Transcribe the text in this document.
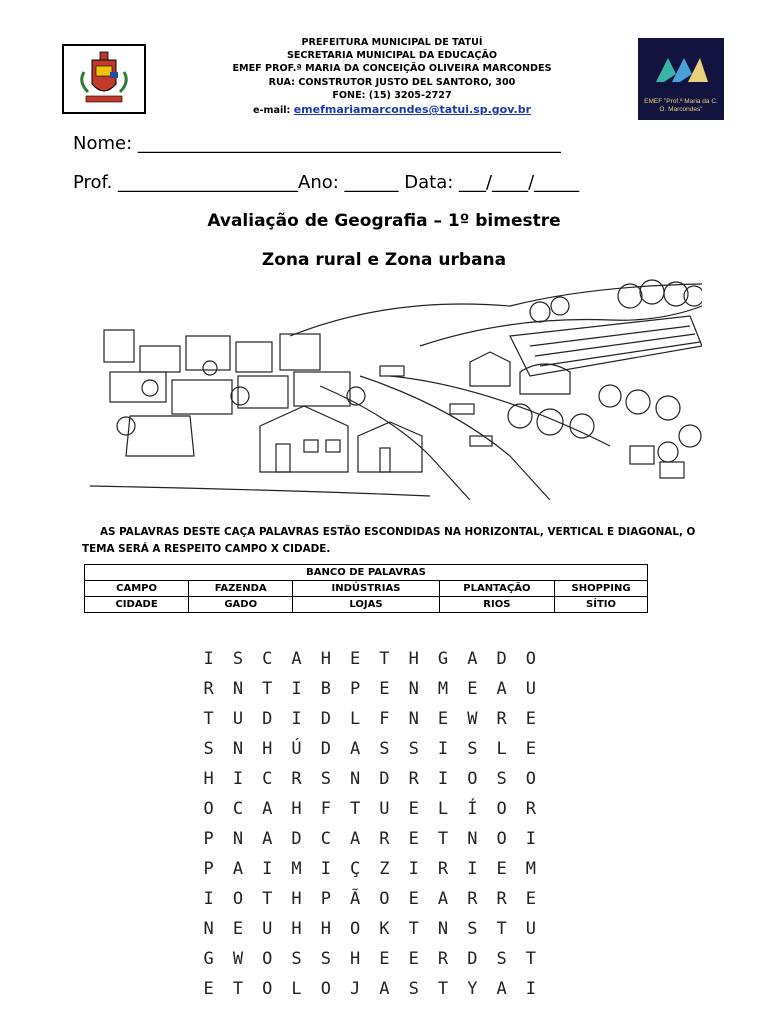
PREFEITURA MUNICIPAL DE TATUÍ
SECRETARIA MUNICIPAL DA EDUCAÇÃO
EMEF PROF.ª MARIA DA CONCEIÇÃO OLIVEIRA MARCONDES
RUA: CONSTRUTOR JUSTO DEL SANTORO, 300
FONE: (15) 3205-2727
e-mail: emefmariamarcondes@tatui.sp.gov.br
EMEF "Prof.ª Maria da C. O. Marcondes"
Nome: _______________________________________________
Prof. ____________________Ano: ______ Data: ___/____/_____
Avaliação de Geografia – 1º bimestre
Zona rural e Zona urbana
AS PALAVRAS DESTE CAÇA PALAVRAS ESTÃO ESCONDIDAS NA HORIZONTAL, VERTICAL E DIAGONAL, O TEMA SERÁ A RESPEITO CAMPO X CIDADE.
BANCO DE PALAVRAS				
CAMPO	FAZENDA	INDÚSTRIAS	PLANTAÇÃO	SHOPPING
CIDADE	GADO	LOJAS	RIOS	SÍTIO
I	S	C	A	H	E	T	H	G	A	D	O
R	N	T	I	B	P	E	N	M	E	A	U
T	U	D	I	D	L	F	N	E	W	R	E
S	N	H	Ú	D	A	S	S	I	S	L	E
H	I	C	R	S	N	D	R	I	O	S	O
O	C	A	H	F	T	U	E	L	Í	O	R
P	N	A	D	C	A	R	E	T	N	O	I
P	A	I	M	I	Ç	Z	I	R	I	E	M
I	O	T	H	P	Ã	O	E	A	R	R	E
N	E	U	H	H	O	K	T	N	S	T	U
G	W	O	S	S	H	E	E	R	D	S	T
E	T	O	L	O	J	A	S	T	Y	A	I
